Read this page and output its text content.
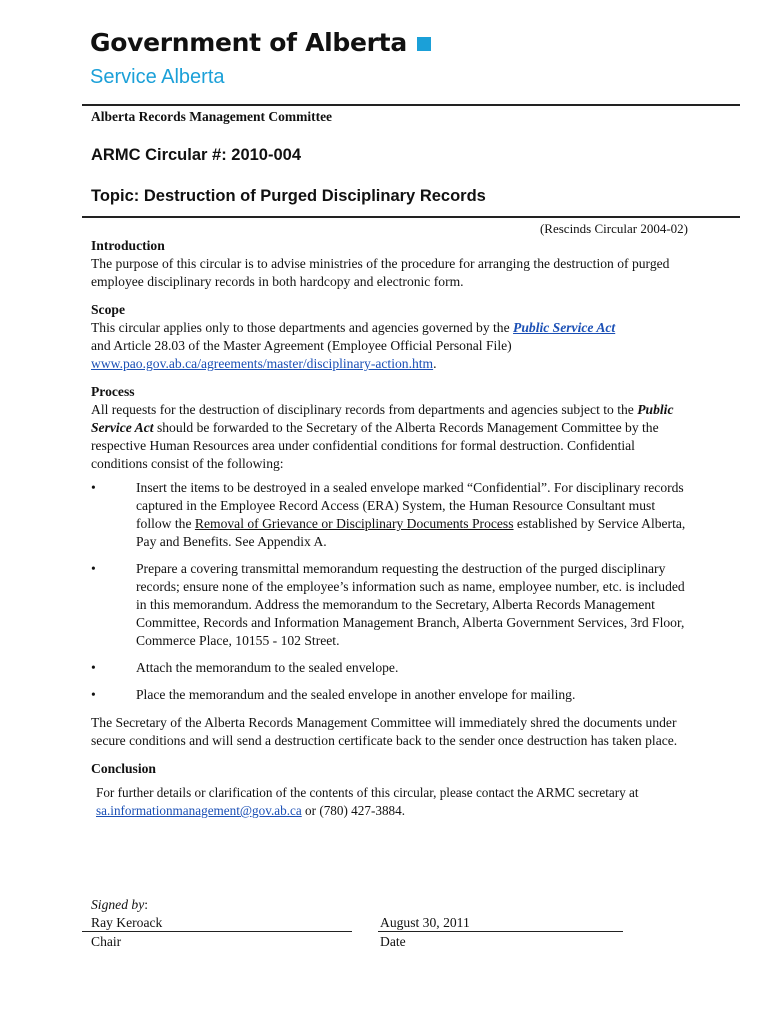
Government of Alberta
Service Alberta
Alberta Records Management Committee
ARMC Circular #: 2010-004
Topic: Destruction of Purged Disciplinary Records
(Rescinds Circular 2004-02)

Introduction

The purpose of this circular is to advise ministries of the procedure for arranging the destruction of purged employee disciplinary records in both hardcopy and electronic form.

Scope

This circular applies only to those departments and agencies governed by the Public Service Act
and Article 28.03 of the Master Agreement (Employee Official Personal File)
www.pao.gov.ab.ca/agreements/master/disciplinary-action.htm.

Process

All requests for the destruction of disciplinary records from departments and agencies subject to the Public Service Act should be forwarded to the Secretary of the Alberta Records Management Committee by the respective Human Resources area under confidential conditions for formal destruction. Confidential conditions consist of the following:

•	Insert the items to be destroyed in a sealed envelope marked “Confidential”. For disciplinary records captured in the Employee Record Access (ERA) System, the Human Resource Consultant must follow the Removal of Grievance or Disciplinary Documents Process established by Service Alberta, Pay and Benefits. See Appendix A.
•	Prepare a covering transmittal memorandum requesting the destruction of the purged disciplinary records; ensure none of the employee’s information such as name, employee number, etc. is included in this memorandum. Address the memorandum to the Secretary, Alberta Records Management Committee, Records and Information Management Branch, Alberta Government Services, 3rd Floor, Commerce Place, 10155 - 102 Street.
•	Attach the memorandum to the sealed envelope.
•	Place the memorandum and the sealed envelope in another envelope for mailing.

The Secretary of the Alberta Records Management Committee will immediately shred the documents under secure conditions and will send a destruction certificate back to the sender once destruction has taken place.

Conclusion

For further details or clarification of the contents of this circular, please contact the ARMC secretary at sa.informationmanagement@gov.ab.ca or (780) 427-3884.

Signed by:
Ray Keroack
Chair
August 30, 2011
Date
